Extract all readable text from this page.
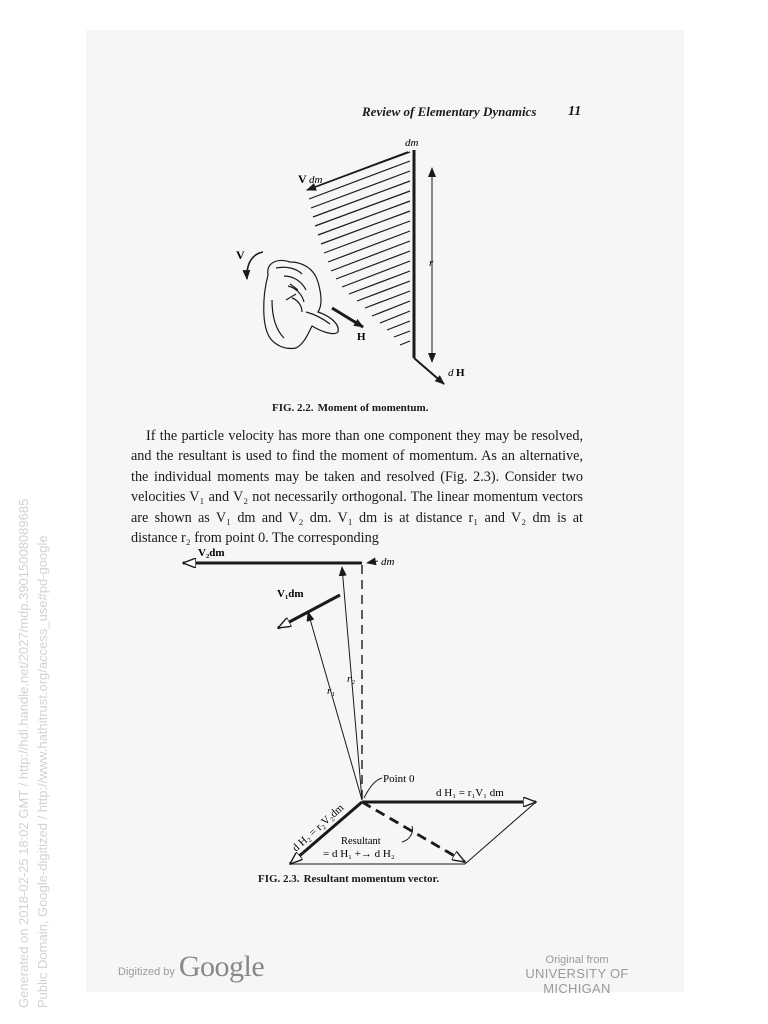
Generated on 2018-02-25 18:02 GMT / http://hdl.handle.net/2027/mdp.39015008089685 Public Domain, Google-digitized / http://www.hathitrust.org/access_use#pd-google
Review of Elementary Dynamics 11
dm
V dm
V
r
H
d H
V₂dm
dm
V₁dm
r₁
r₂
Point 0
d H₁ = r₁V₁ dm
d H₂ = r₂V₂dm
Resultant
= d H₁ +→ d H₂
FIG. 2.2. Moment of momentum.
If the particle velocity has more than one component they may be resolved, and the resultant is used to find the moment of momentum. As an alternative, the individual moments may be taken and resolved (Fig. 2.3). Consider two velocities V₁ and V₂ not necessarily orthogonal. The linear momentum vectors are shown as V₁ dm and V₂ dm. V₁ dm is at distance r₁ and V₂ dm is at distance r₂ from point 0. The corresponding
FIG. 2.3. Resultant momentum vector.
Digitized by Google	Original from
UNIVERSITY OF MICHIGAN
